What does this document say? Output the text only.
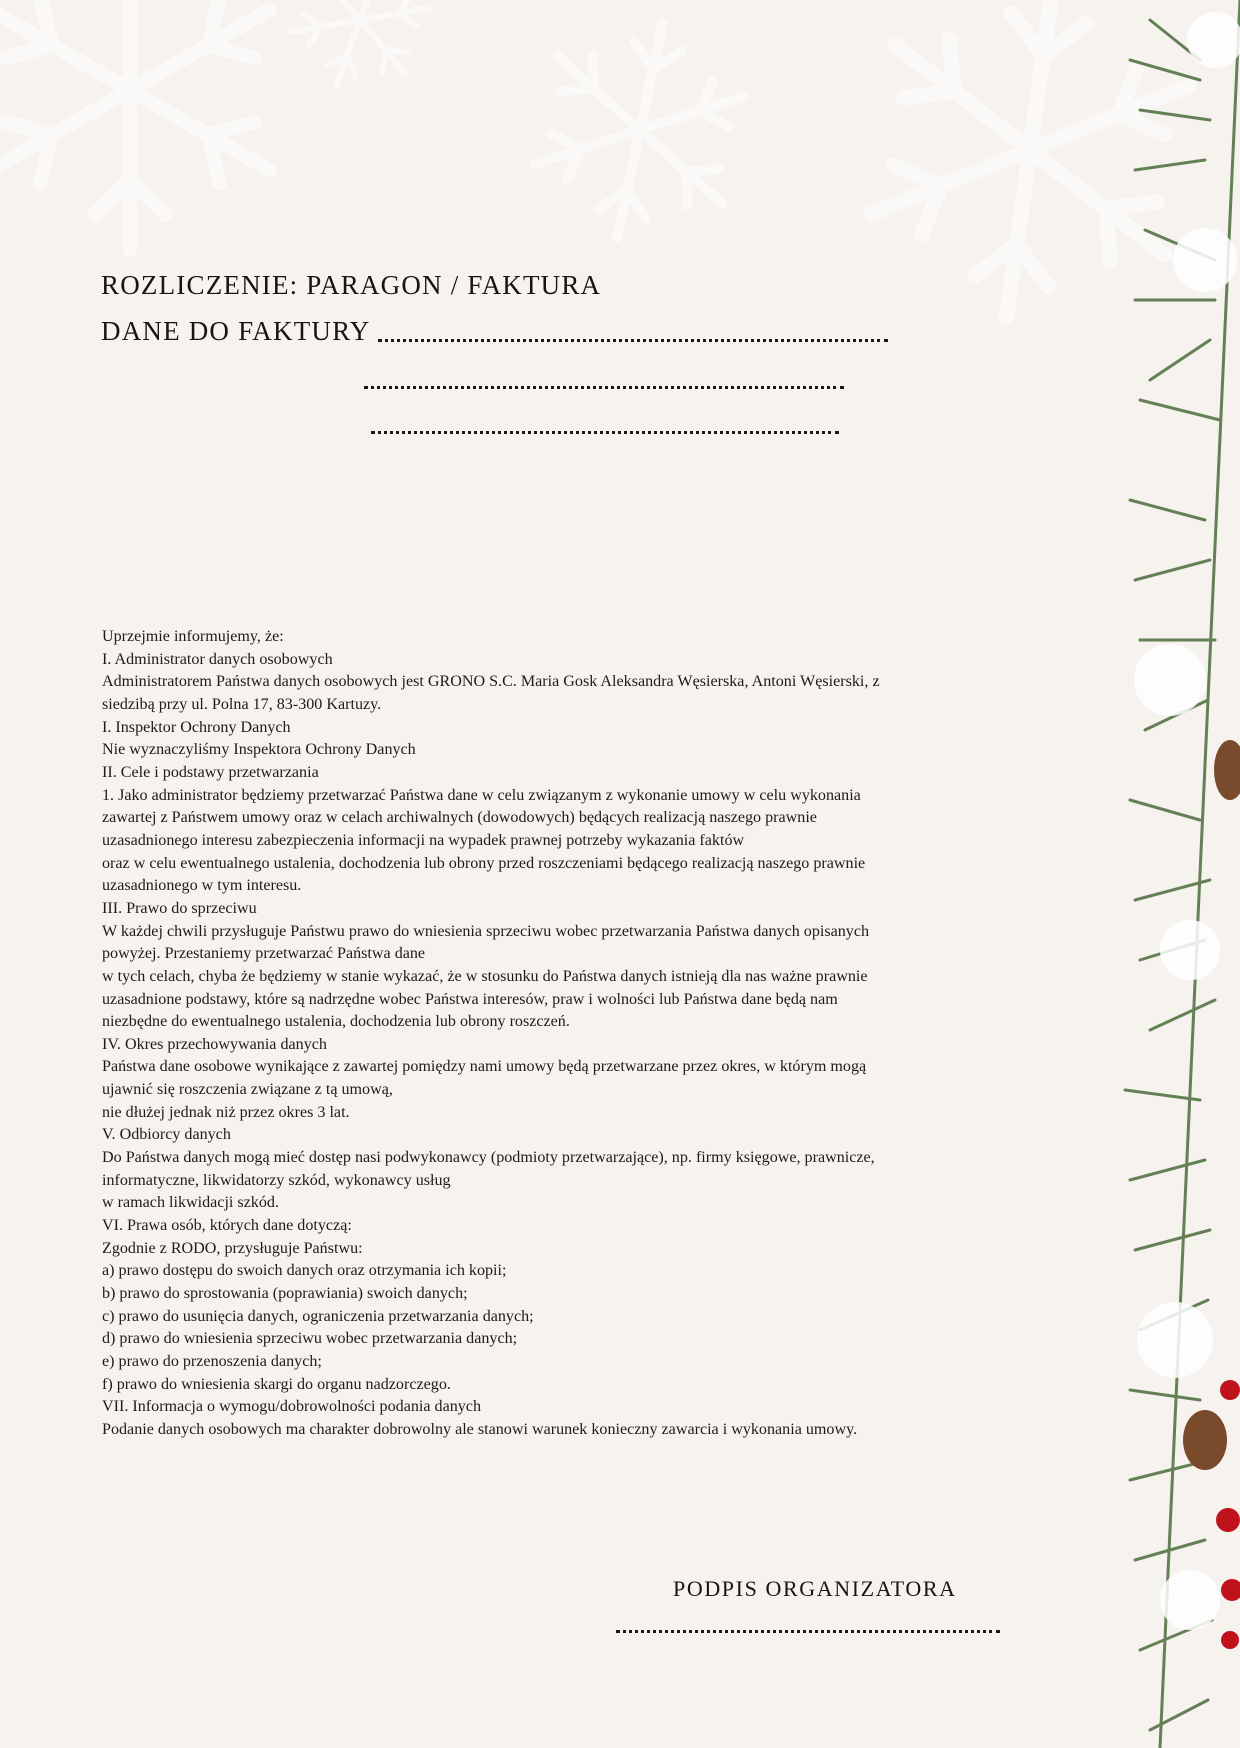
ROZLICZENIE: PARAGON / FAKTURA
DANE DO FAKTURY

Uprzejmie informujemy, że:

I. Administrator danych osobowych

Administratorem Państwa danych osobowych jest GRONO S.C. Maria Gosk Aleksandra Węsierska, Antoni Węsierski, z

siedzibą przy ul. Polna 17, 83-300 Kartuzy.

I. Inspektor Ochrony Danych

Nie wyznaczyliśmy Inspektora Ochrony Danych

II. Cele i podstawy przetwarzania

1. Jako administrator będziemy przetwarzać Państwa dane w celu związanym z wykonanie umowy w celu wykonania

zawartej z Państwem umowy oraz w celach archiwalnych (dowodowych) będących realizacją naszego prawnie

uzasadnionego interesu zabezpieczenia informacji na wypadek prawnej potrzeby wykazania faktów

oraz w celu ewentualnego ustalenia, dochodzenia lub obrony przed roszczeniami będącego realizacją naszego prawnie

uzasadnionego w tym interesu.

III. Prawo do sprzeciwu

W każdej chwili przysługuje Państwu prawo do wniesienia sprzeciwu wobec przetwarzania Państwa danych opisanych

powyżej. Przestaniemy przetwarzać Państwa dane

w tych celach, chyba że będziemy w stanie wykazać, że w stosunku do Państwa danych istnieją dla nas ważne prawnie

uzasadnione podstawy, które są nadrzędne wobec Państwa interesów, praw i wolności lub Państwa dane będą nam

niezbędne do ewentualnego ustalenia, dochodzenia lub obrony roszczeń.

IV. Okres przechowywania danych

Państwa dane osobowe wynikające z zawartej pomiędzy nami umowy będą przetwarzane przez okres, w którym mogą

ujawnić się roszczenia związane z tą umową,

nie dłużej jednak niż przez okres 3 lat.

V. Odbiorcy danych

Do Państwa danych mogą mieć dostęp nasi podwykonawcy (podmioty przetwarzające), np. firmy księgowe, prawnicze,

informatyczne, likwidatorzy szkód, wykonawcy usług

w ramach likwidacji szkód.

VI. Prawa osób, których dane dotyczą:

Zgodnie z RODO, przysługuje Państwu:

a) prawo dostępu do swoich danych oraz otrzymania ich kopii;

b) prawo do sprostowania (poprawiania) swoich danych;

c) prawo do usunięcia danych, ograniczenia przetwarzania danych;

d) prawo do wniesienia sprzeciwu wobec przetwarzania danych;

e) prawo do przenoszenia danych;

f) prawo do wniesienia skargi do organu nadzorczego.

VII. Informacja o wymogu/dobrowolności podania danych

Podanie danych osobowych ma charakter dobrowolny ale stanowi warunek konieczny zawarcia i wykonania umowy.

PODPIS ORGANIZATORA
